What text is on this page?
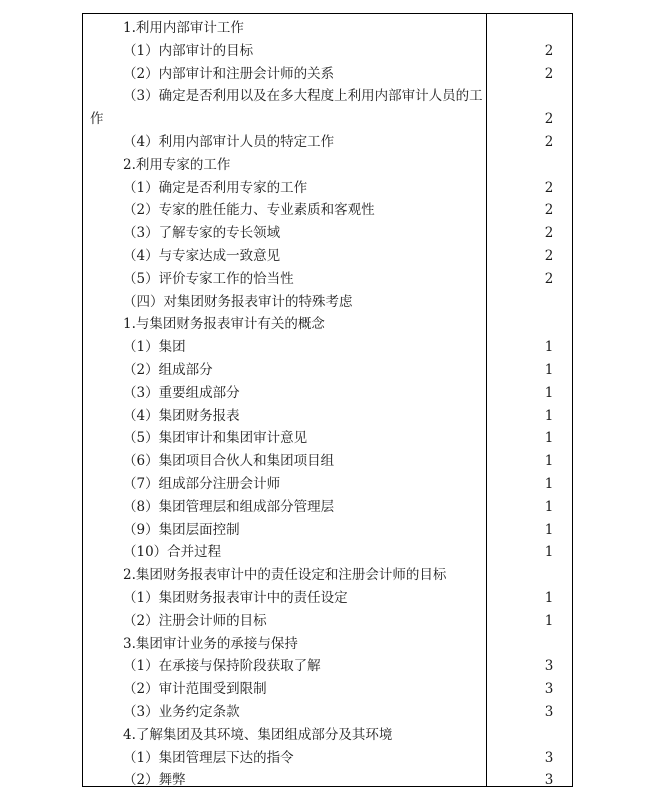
1.利用内部审计工作
（1）内部审计的目标	2
（2）内部审计和注册会计师的关系	2
（3）确定是否利用以及在多大程度上利用内部审计人员的工
作	2
（4）利用内部审计人员的特定工作	2
2.利用专家的工作
（1）确定是否利用专家的工作	2
（2）专家的胜任能力、专业素质和客观性	2
（3）了解专家的专长领域	2
（4）与专家达成一致意见	2
（5）评价专家工作的恰当性	2
（四）对集团财务报表审计的特殊考虑
1.与集团财务报表审计有关的概念
（1）集团	1
（2）组成部分	1
（3）重要组成部分	1
（4）集团财务报表	1
（5）集团审计和集团审计意见	1
（6）集团项目合伙人和集团项目组	1
（7）组成部分注册会计师	1
（8）集团管理层和组成部分管理层	1
（9）集团层面控制	1
（10）合并过程	1
2.集团财务报表审计中的责任设定和注册会计师的目标
（1）集团财务报表审计中的责任设定	1
（2）注册会计师的目标	1
3.集团审计业务的承接与保持
（1）在承接与保持阶段获取了解	3
（2）审计范围受到限制	3
（3）业务约定条款	3
4.了解集团及其环境、集团组成部分及其环境
（1）集团管理层下达的指令	3
（2）舞弊	3
